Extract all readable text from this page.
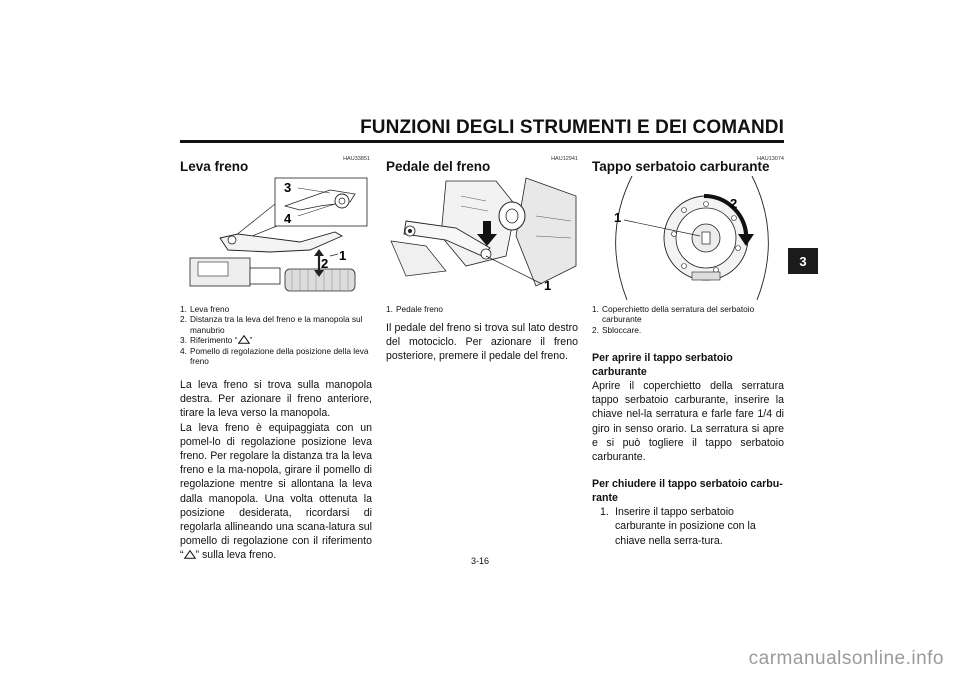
FUNZIONI DEGLI STRUMENTI E DEI COMANDI
3
HAU33851
Leva freno
3
4
1
2
1. Leva freno
2. Distanza tra la leva del freno e la manopola sul manubrio
3. Riferimento “ ”
4. Pomello di regolazione della posizione della leva freno

La leva freno si trova sulla manopola destra. Per azionare il freno anteriore, tirare la leva verso la manopola.

La leva freno è equipaggiata con un pomel-lo di regolazione posizione leva freno. Per regolare la distanza tra la leva freno e la ma-nopola, girare il pomello di regolazione mentre si allontana la leva dalla manopola. Una volta ottenuta la posizione desiderata, ricordarsi di regolarla allineando una scana-latura sul pomello di regolazione con il riferimento “ ” sulla leva freno.

HAU12941
Pedale del freno
1
1. Pedale freno

Il pedale del freno si trova sul lato destro del motociclo. Per azionare il freno posteriore, premere il pedale del freno.

HAU13074
Tappo serbatoio carburante
1
2
1. Coperchietto della serratura del serbatoio carburante
2. Sbloccare.
Per aprire il tappo serbatoio carburante

Aprire il coperchietto della serratura tappo serbatoio carburante, inserire la chiave nel-la serratura e farle fare 1/4 di giro in senso orario. La serratura si apre e si può togliere il tappo serbatoio carburante.

Per chiudere il tappo serbatoio carbu-rante
1. Inserire il tappo serbatoio carburante in posizione con la chiave nella serra-tura.
3-16
carmanualsonline.info
